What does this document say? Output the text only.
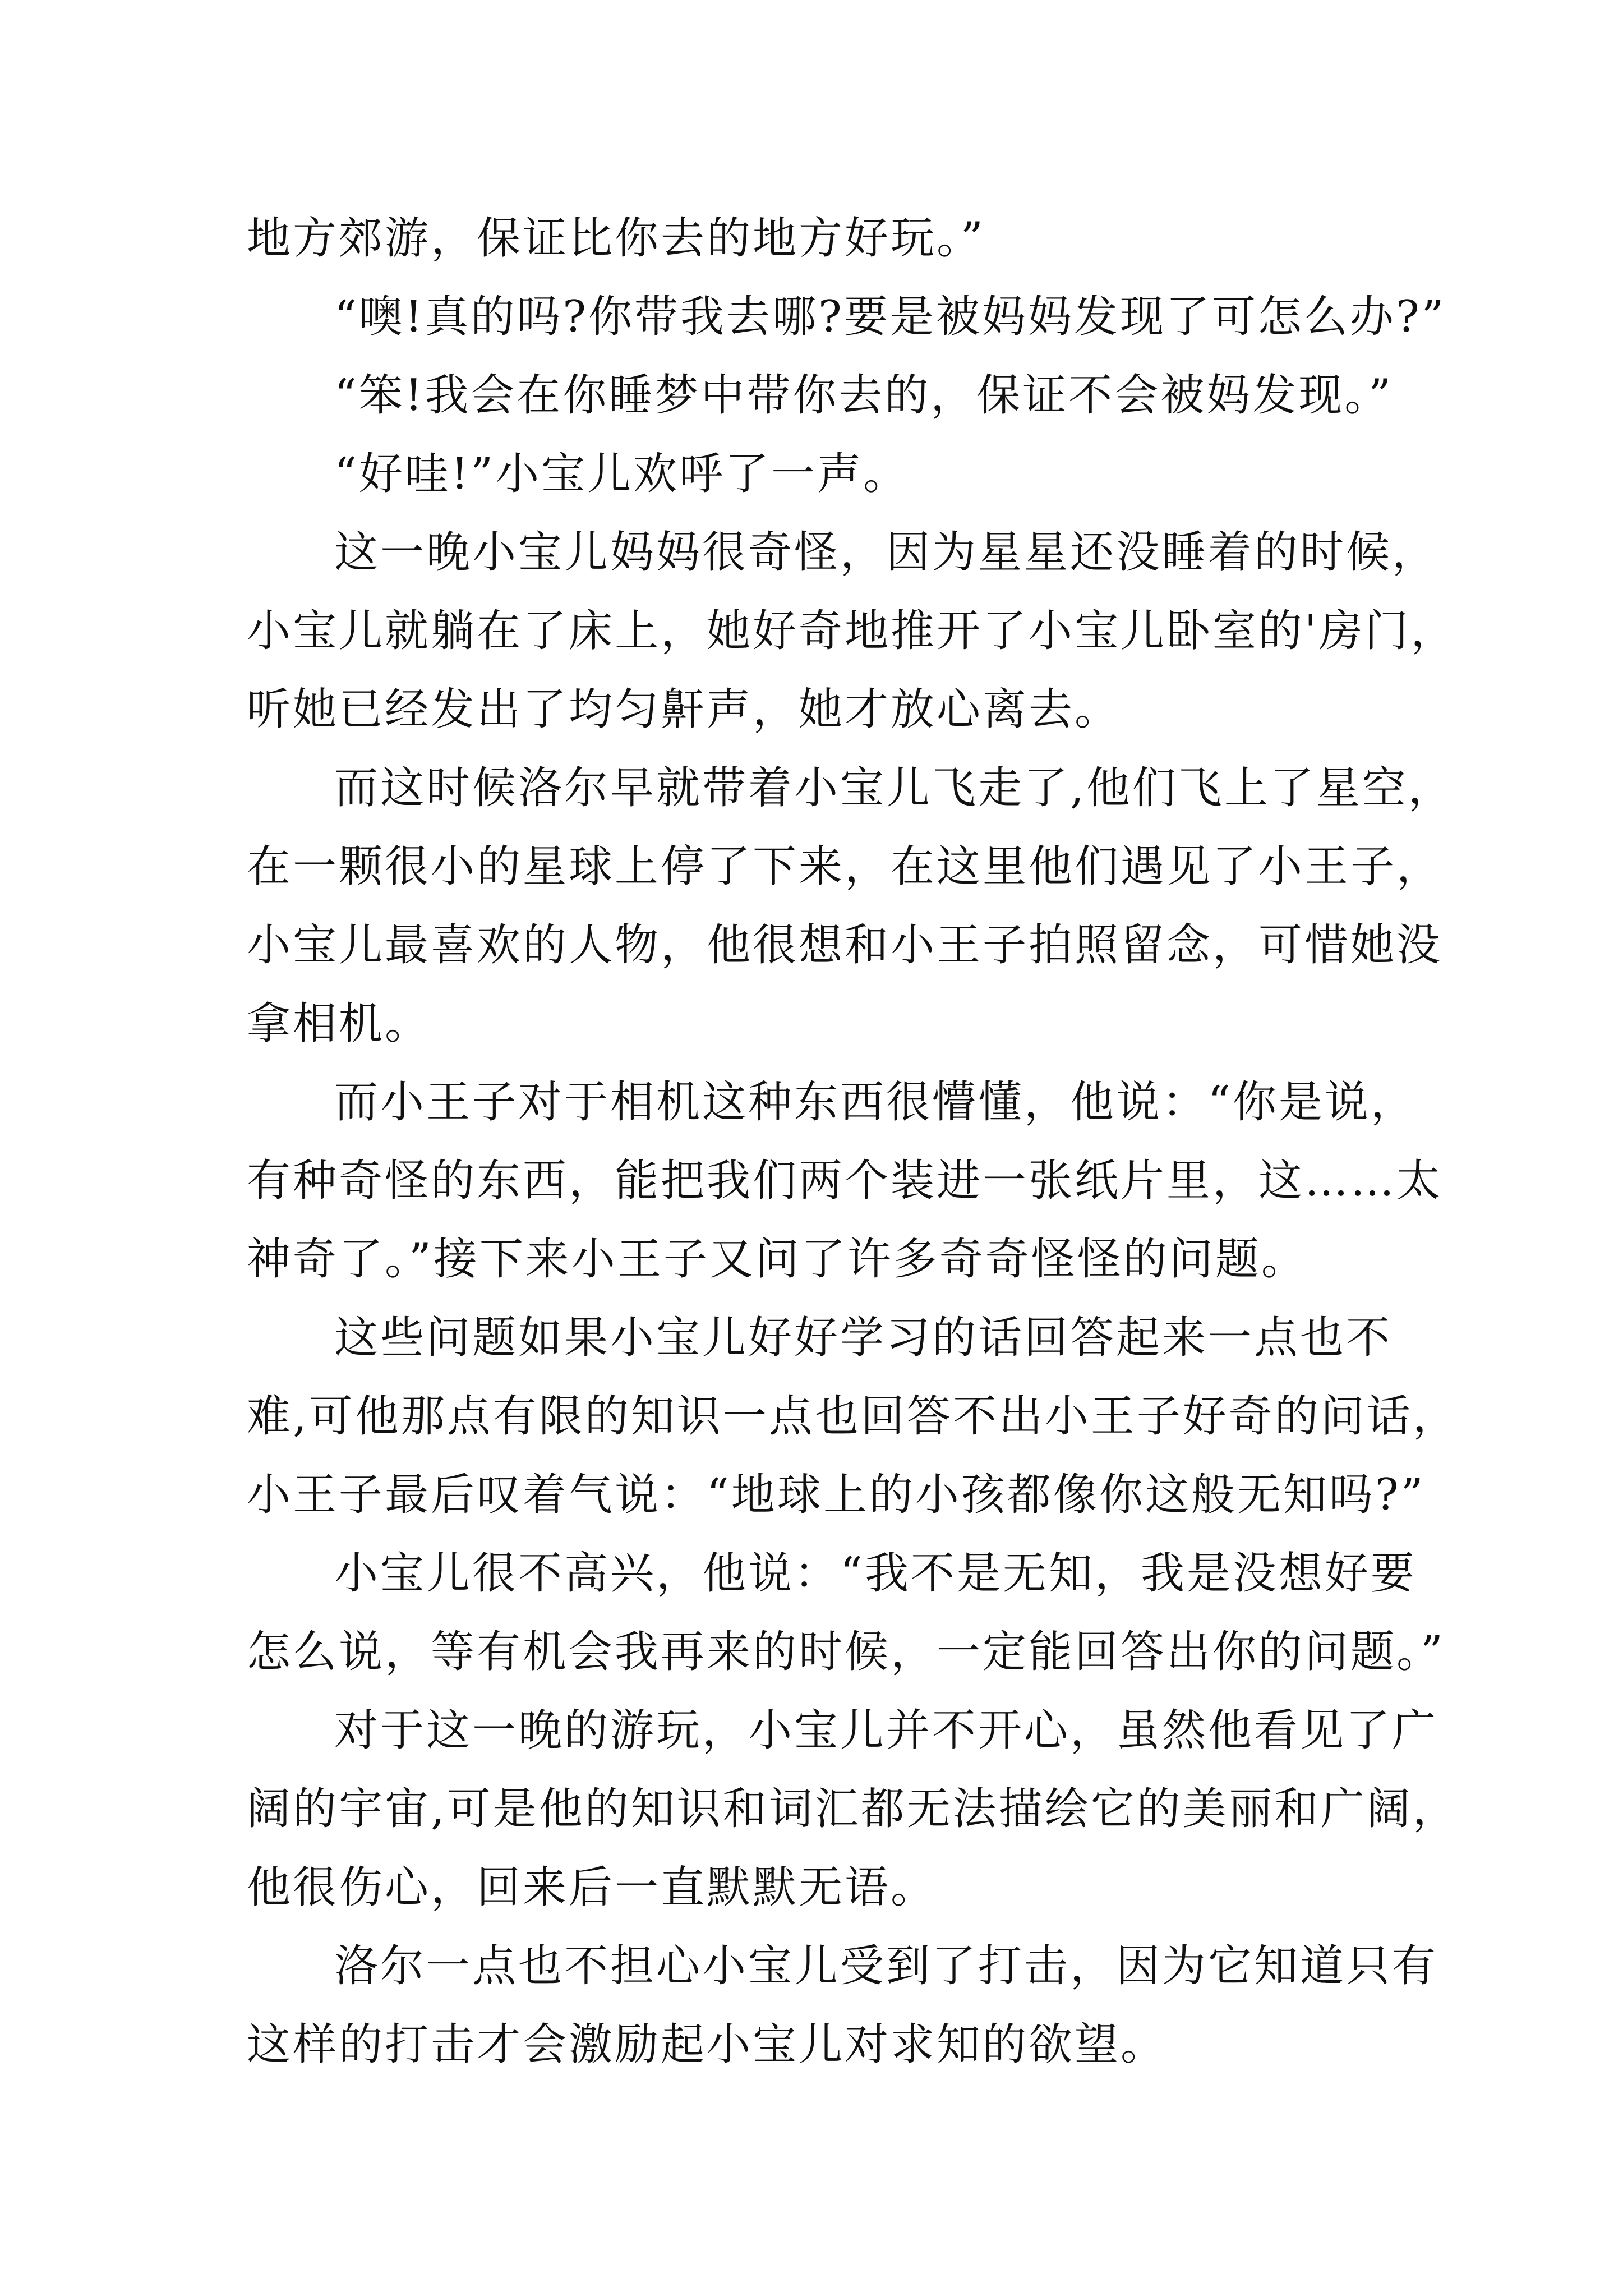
地方郊游，保证比你去的地方好玩。”
“噢!真的吗?你带我去哪?要是被妈妈发现了可怎么办?”
“笨!我会在你睡梦中带你去的，保证不会被妈发现。”
“好哇!”小宝儿欢呼了一声。
这一晚小宝儿妈妈很奇怪，因为星星还没睡着的时候，
小宝儿就躺在了床上，她好奇地推开了小宝儿卧室的'房门，
听她已经发出了均匀鼾声，她才放心离去。
而这时候洛尔早就带着小宝儿飞走了,他们飞上了星空，
在一颗很小的星球上停了下来，在这里他们遇见了小王子，
小宝儿最喜欢的人物，他很想和小王子拍照留念，可惜她没
拿相机。
而小王子对于相机这种东西很懵懂，他说：“你是说，
有种奇怪的东西，能把我们两个装进一张纸片里，这……太
神奇了。”接下来小王子又问了许多奇奇怪怪的问题。
这些问题如果小宝儿好好学习的话回答起来一点也不
难,可他那点有限的知识一点也回答不出小王子好奇的问话，
小王子最后叹着气说：“地球上的小孩都像你这般无知吗?”
小宝儿很不高兴，他说：“我不是无知，我是没想好要
怎么说，等有机会我再来的时候，一定能回答出你的问题。”
对于这一晚的游玩，小宝儿并不开心，虽然他看见了广
阔的宇宙,可是他的知识和词汇都无法描绘它的美丽和广阔，
他很伤心，回来后一直默默无语。
洛尔一点也不担心小宝儿受到了打击，因为它知道只有
这样的打击才会激励起小宝儿对求知的欲望。
